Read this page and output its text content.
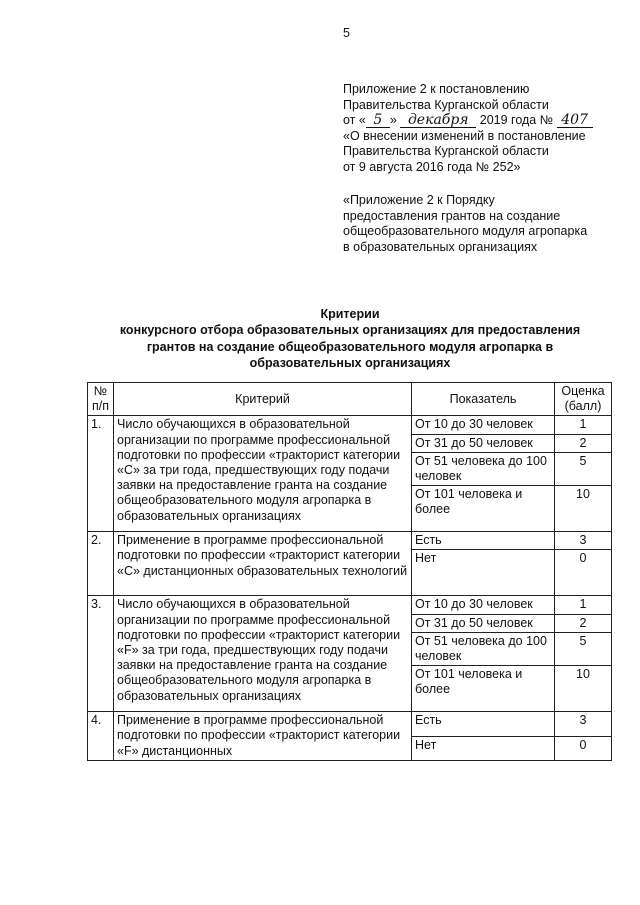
5
Приложение 2 к постановлению
Правительства Курганской области
от « 5 » декабря 2019 года № 407
«О внесении изменений в постановление
Правительства Курганской области
от 9 августа 2016 года № 252»
«Приложение 2 к Порядку
предоставления грантов на создание
общеобразовательного модуля агропарка
в образовательных организациях
Критерии
конкурсного отбора образовательных организациях для предоставления
грантов на создание общеобразовательного модуля агропарка в
образовательных организациях
№ п/п	Критерий	Показатель	Оценка (балл)
1.	Число обучающихся в образовательной организации по программе профессиональной подготовки по профессии «тракторист категории «С» за три года, предшествующих году подачи заявки на предоставление гранта на создание общеобразовательного модуля агропарка в образовательных организациях	От 10 до 30 человек	1
		От 31 до 50 человек	2
		От 51 человека до 100 человек	5
		От 101 человека и более	10
2.	Применение в программе профессиональной подготовки по профессии «тракторист категории «С» дистанционных образовательных технологий	Есть	3
		Нет	0
3.	Число обучающихся в образовательной организации по программе профессиональной подготовки по профессии «тракторист категории «F» за три года, предшествующих году подачи заявки на предоставление гранта на создание общеобразовательного модуля агропарка в образовательных организациях	От 10 до 30 человек	1
		От 31 до 50 человек	2
		От 51 человека до 100 человек	5
		От 101 человека и более	10
4.	Применение в программе профессиональной подготовки по профессии «тракторист категории «F» дистанционных	Есть	3
		Нет	0
